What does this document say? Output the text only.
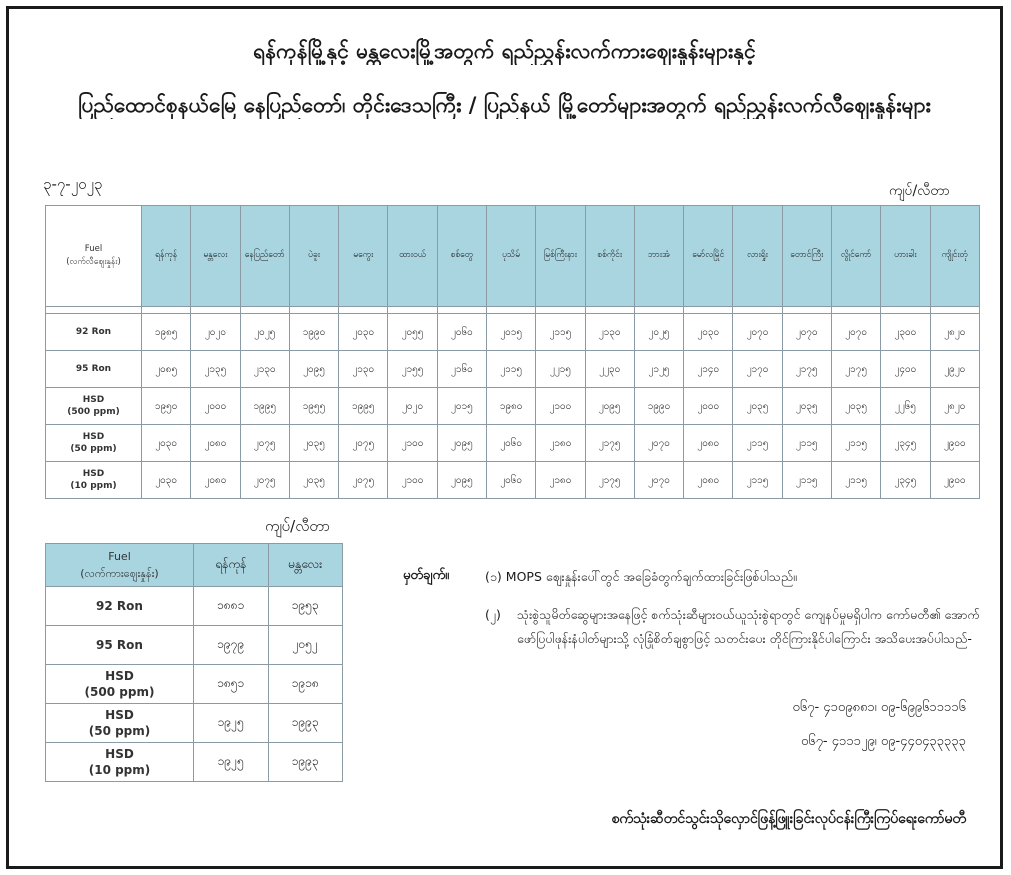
ရန်ကုန်မြို့နှင့် မန္တလေးမြို့အတွက် ရည်ညွှန်းလက်ကားဈေးနှုန်းများနှင့်
ပြည်ထောင်စုနယ်မြေ နေပြည်တော်၊ တိုင်းဒေသကြီး / ပြည်နယ် မြို့တော်များအတွက် ရည်ညွှန်းလက်လီဈေးနှုန်းများ
၃-၇-၂၀၂၃	ကျပ်/လီတာ
Fuel
(လက်လီဈေးနှုန်း)	ရန်ကုန်	မန္တလေး	နေပြည်တော်	ပဲခူး	မကွေး	ထားဝယ်	စစ်တွေ	ပုသိမ်	မြစ်ကြီးနား	စစ်ကိုင်း	ဘားအံ	မော်လမြိုင်	လားရှိုး	တောင်ကြီး	လွိုင်ကော်	ဟားခါး	ကျိုင်းတုံ

92 Ron	၁၉၈၅	၂၀၂၀	၂၀၂၅	၁၉၉၀	၂၀၃၀	၂၀၅၅	၂၀၆၀	၂၀၁၅	၂၁၁၅	၂၁၃၀	၂၀၂၅	၂၀၃၀	၂၀၇၀	၂၀၇၀	၂၀၇၀	၂၃၀၀	၂၈၂၀

95 Ron	၂၀၈၅	၂၁၃၅	၂၁၃၀	၂၀၉၅	၂၁၃၀	၂၁၅၅	၂၁၆၀	၂၁၁၅	၂၂၁၅	၂၂၃၀	၂၁၂၅	၂၁၄၀	၂၁၇၀	၂၁၇၅	၂၁၇၅	၂၄၀၀	၂၉၂၀

HSD
(500 ppm)	၁၉၅၀	၂၀၀၀	၁၉၉၅	၁၉၅၅	၁၉၉၅	၂၀၂၀	၂၀၁၅	၁၉၈၀	၂၁၀၀	၂၀၉၅	၁၉၉၀	၂၀၀၀	၂၀၃၅	၂၀၃၅	၂၀၃၅	၂၂၆၅	၂၈၂၀

HSD
(50 ppm)	၂၀၃၀	၂၀၈၀	၂၀၇၅	၂၀၃၅	၂၀၇၅	၂၁၀၀	၂၀၉၅	၂၀၆၀	၂၁၈၀	၂၁၇၅	၂၀၇၀	၂၀၈၀	၂၁၁၅	၂၁၁၅	၂၁၁၅	၂၃၄၅	၂၉၀၀

HSD
(10 ppm)	၂၀၃၀	၂၀၈၀	၂၀၇၅	၂၀၃၅	၂၀၇၅	၂၁၀၀	၂၀၉၅	၂၀၆၀	၂၁၈၀	၂၁၇၅	၂၀၇၀	၂၀၈၀	၂၁၁၅	၂၁၁၅	၂၁၁၅	၂၃၄၅	၂၉၀၀
ကျပ်/လီတာ
Fuel
(လက်ကားဈေးနှုန်း)	ရန်ကုန်	မန္တလေး

92 Ron	၁၈၈၁	၁၉၅၃

95 Ron	၁၉၇၉	၂၀၅၂

HSD
(500 ppm)	၁၈၅၁	၁၉၁၈

HSD
(50 ppm)	၁၉၂၅	၁၉၉၃

HSD
(10 ppm)	၁၉၂၅	၁၉၉၃
မှတ်ချက်။	(၁) MOPS ဈေးနှုန်းပေါ်တွင် အခြေခံတွက်ချက်ထားခြင်းဖြစ်ပါသည်။
(၂)	သုံးစွဲသူမိတ်ဆွေများအနေဖြင့် စက်သုံးဆီများဝယ်ယူသုံးစွဲရာတွင် ကျေနပ်မှုမရှိပါက ကော်မတီ၏ အောက်ဖော်ပြပါဖုန်းနံပါတ်များသို့ လုံခြုံစိတ်ချစွာဖြင့် သတင်းပေး တိုင်ကြားနိုင်ပါကြောင်း အသိပေးအပ်ပါသည်-
၀၆၇- ၄၁၀၉၈၈၁၊ ၀၉-၆၉၉၆၁၁၁၁၆
၀၆၇- ၄၁၁၁၂၉၊ ၀၉-၄၄၀၄၃၃၃၃၃
စက်သုံးဆီတင်သွင်းသိုလှောင်ဖြန့်ဖြူးခြင်းလုပ်ငန်းကြီးကြပ်ရေးကော်မတီ
